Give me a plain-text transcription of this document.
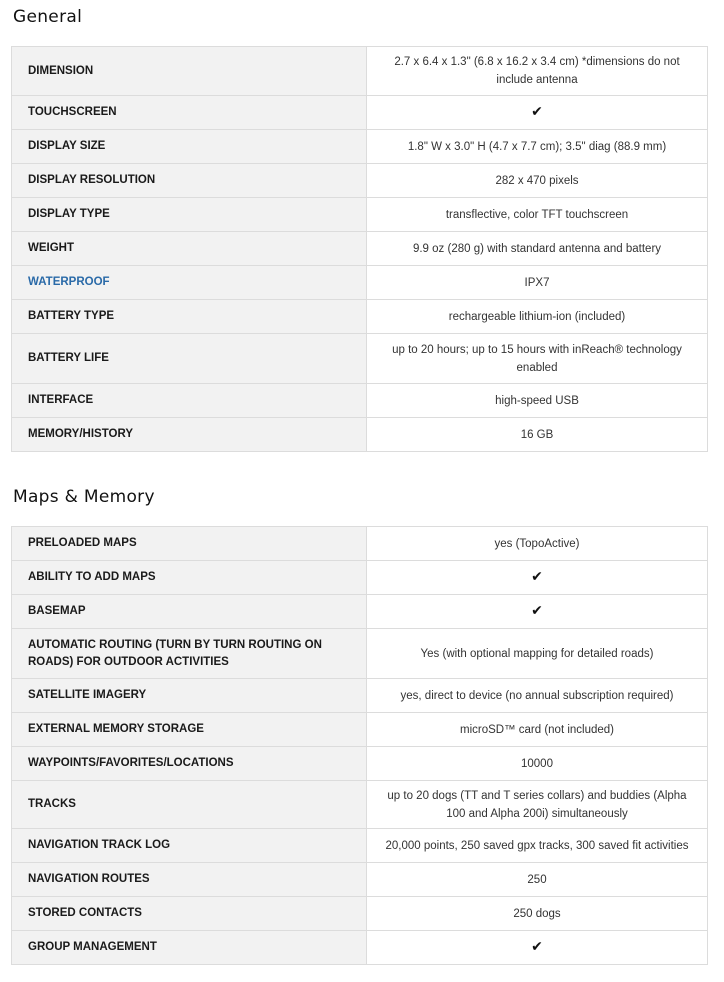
General
DIMENSION	2.7 x 6.4 x 1.3" (6.8 x 16.2 x 3.4 cm) *dimensions do not include antenna
TOUCHSCREEN	✔
DISPLAY SIZE	1.8" W x 3.0" H (4.7 x 7.7 cm); 3.5" diag (88.9 mm)
DISPLAY RESOLUTION	282 x 470 pixels
DISPLAY TYPE	transflective, color TFT touchscreen
WEIGHT	9.9 oz (280 g) with standard antenna and battery
WATERPROOF	IPX7
BATTERY TYPE	rechargeable lithium-ion (included)
BATTERY LIFE	up to 20 hours; up to 15 hours with inReach® technology enabled
INTERFACE	high-speed USB
MEMORY/HISTORY	16 GB
Maps & Memory
PRELOADED MAPS	yes (TopoActive)
ABILITY TO ADD MAPS	✔
BASEMAP	✔
AUTOMATIC ROUTING (TURN BY TURN ROUTING ON ROADS) FOR OUTDOOR ACTIVITIES	Yes (with optional mapping for detailed roads)
SATELLITE IMAGERY	yes, direct to device (no annual subscription required)
EXTERNAL MEMORY STORAGE	microSD™ card (not included)
WAYPOINTS/FAVORITES/LOCATIONS	10000
TRACKS	up to 20 dogs (TT and T series collars) and buddies (Alpha 100 and Alpha 200i) simultaneously
NAVIGATION TRACK LOG	20,000 points, 250 saved gpx tracks, 300 saved fit activities
NAVIGATION ROUTES	250
STORED CONTACTS	250 dogs
GROUP MANAGEMENT	✔
